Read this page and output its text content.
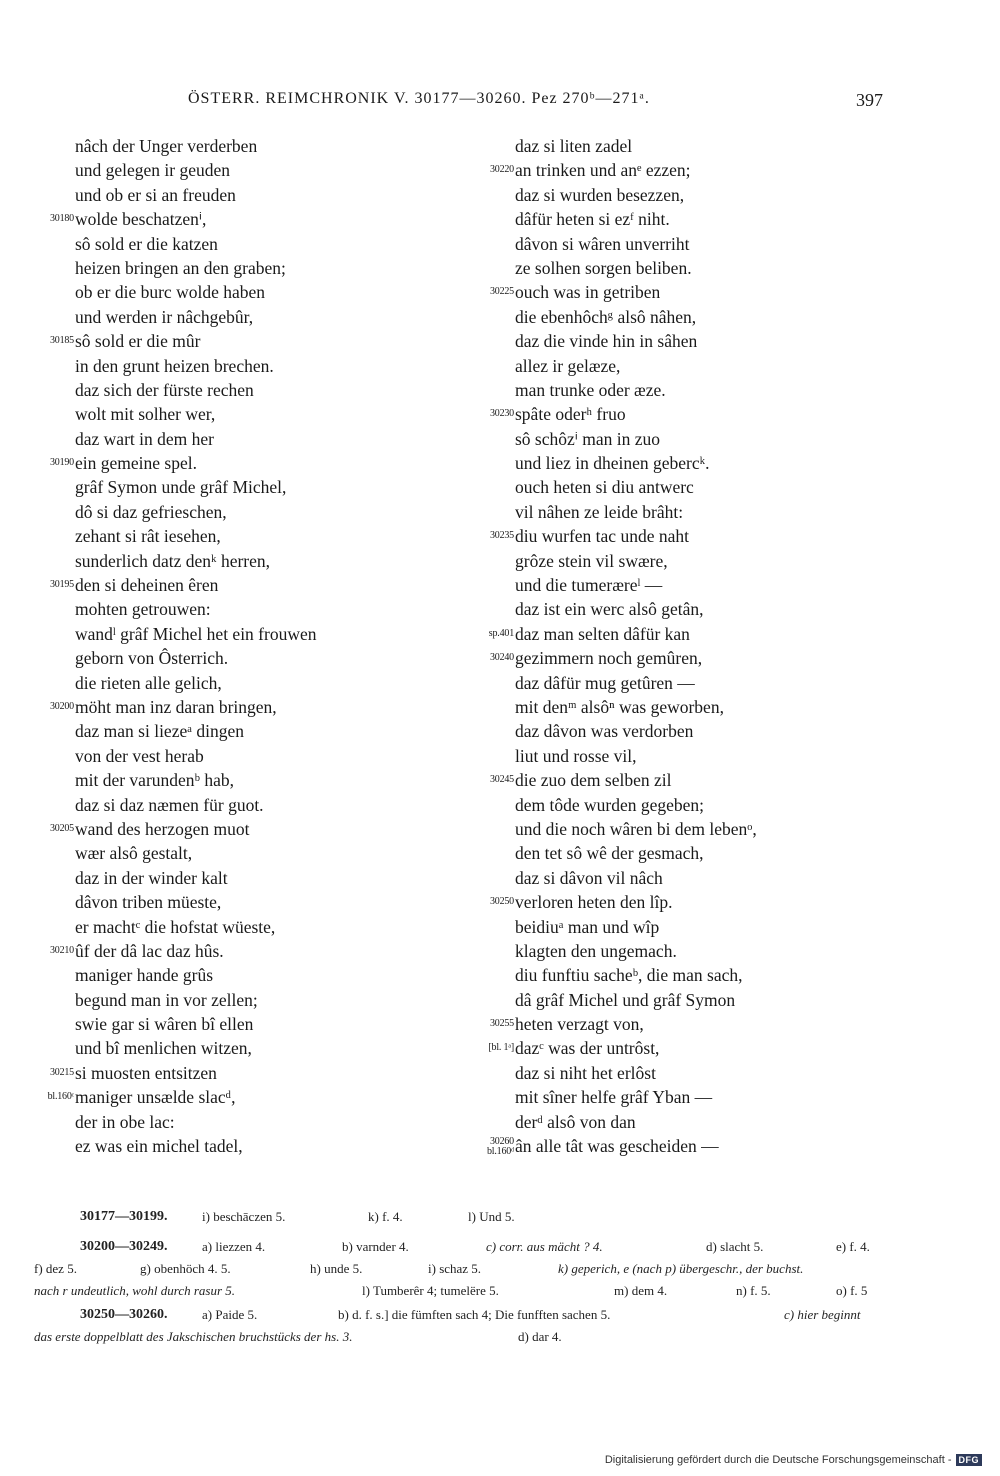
ÖSTERR. REIMCHRONIK V. 30177—30260. Pez 270ᵇ—271ᵃ.	397
nâch der Unger verderben
und gelegen ir geuden
und ob er si an freuden
30180 wolde beschatzenⁱ,
sô sold er die katzen
heizen bringen an den graben;
ob er die burc wolde haben
und werden ir nâchgebûr,
30185 sô sold er die mûr
in den grunt heizen brechen.
daz sich der fürste rechen
wolt mit solher wer,
daz wart in dem her
30190 ein gemeine spel.
grâf Symon unde grâf Michel,
dô si daz gefrieschen,
zehant si rât iesehen,
sunderlich datz denᵏ herren,
30195 den si deheinen êren
mohten getrouwen:
wandˡ grâf Michel het ein frouwen
geborn von Ôsterrich.
die rieten alle gelich,
30200 möht man inz daran bringen,
daz man si liezeᵃ dingen
von der vest herab
mit der varundenᵇ hab,
daz si daz næmen für guot.
30205 wand des herzogen muot
wær alsô gestalt,
daz in der winder kalt
dâvon triben müeste,
er machtᶜ die hofstat wüeste,
30210 ûf der dâ lac daz hûs.
maniger hande grûs
begund man in vor zellen;
swie gar si wâren bî ellen
und bî menlichen witzen,
30215 si muosten entsitzen
bl.160ᶜ maniger unsælde slacᵈ,
der in obe lac:
ez was ein michel tadel,
daz si liten zadel
30220 an trinken und anᵉ ezzen;
daz si wurden besezzen,
dâfür heten si ezᶠ niht.
dâvon si wâren unverriht
ze solhen sorgen beliben.
30225 ouch was in getriben
die ebenhôchᵍ alsô nâhen,
daz die vinde hin in sâhen
allez ir gelæze,
man trunke oder æze.
30230 spâte oderʰ fruo
sô schôzⁱ man in zuo
und liez in dheinen gebercᵏ.
ouch heten si diu antwerc
vil nâhen ze leide brâht:
30235 diu wurfen tac unde naht
grôze stein vil swære,
und die tumeræreˡ —
daz ist ein werc alsô getân,
sp.401 daz man selten dâfür kan
30240 gezimmern noch gemûren,
daz dâfür mug getûren —
mit denᵐ alsôⁿ was geworben,
daz dâvon was verdorben
liut und rosse vil,
30245 die zuo dem selben zil
dem tôde wurden gegeben;
und die noch wâren bi dem lebenᵒ,
den tet sô wê der gesmach,
daz si dâvon vil nâch
30250 verloren heten den lîp.
beidiuᵃ man und wîp
klagten den ungemach.
diu funftiu sacheᵇ, die man sach,
dâ grâf Michel und grâf Symon
30255 heten verzagt von,
[bl. 1ᵃ] dazᶜ was der untrôst,
daz si niht het erlôst
mit sîner helfe grâf Yban —
derᵈ alsô von dan
30260
bl.160ᵈ ân alle tât was gescheiden —
30177—30199.	i) beschāczen 5.	k) f. 4.	l) Und 5.
30200—30249.	a) liezzen 4.	b) varnder 4.	c) corr. aus mächt ? 4.	d) slacht 5.	e) f. 4.
f) dez 5.	g) obenhöch 4. 5.	h) unde 5.	i) schaz 5.	k) geperich, e (nach p) übergeschr., der buchst.
nach r undeutlich, wohl durch rasur 5.	l) Tumberêr 4; tumelëre 5.	m) dem 4.	n) f. 5.	o) f. 5
30250—30260.	a) Paide 5.	b) d. f. s.] die fümften sach 4; Die funfften sachen 5.	c) hier beginnt
das erste doppelblatt des Jakschischen bruchstücks der hs. 3.	d) dar 4.
Digitalisierung gefördert durch die Deutsche Forschungsgemeinschaft - DFG
